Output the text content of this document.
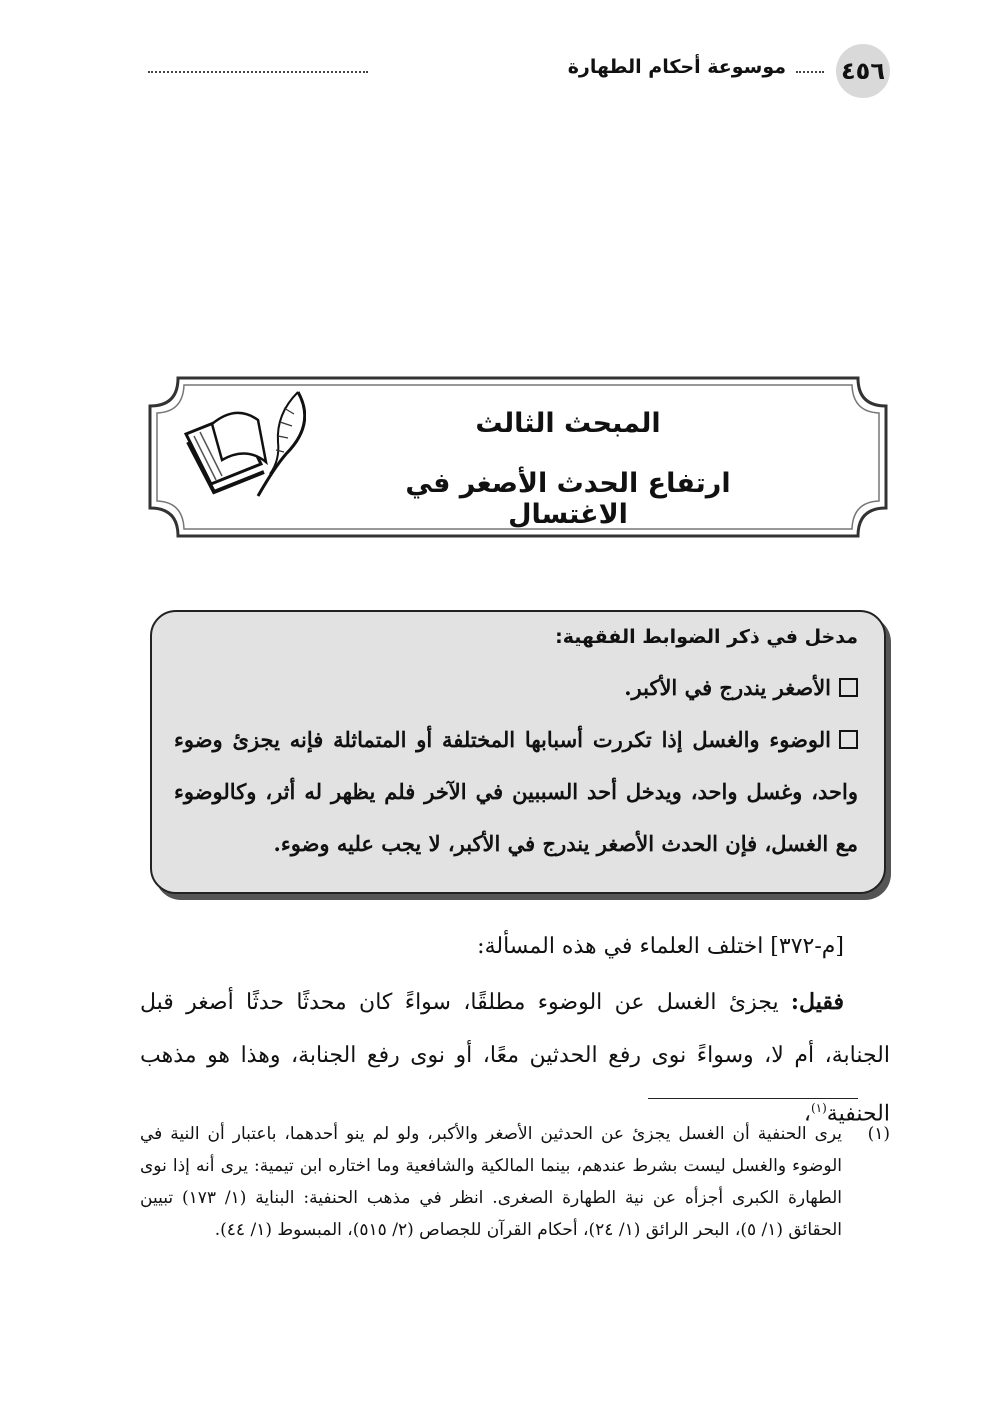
٤٥٦
موسوعة أحكام الطهارة
المبحث الثالث
ارتفاع الحدث الأصغر في الاغتسال

مدخل في ذكر الضوابط الفقهية:

الأصغر يندرج في الأكبر.

الوضوء والغسل إذا تكررت أسبابها المختلفة أو المتماثلة فإنه يجزئ وضوء واحد، وغسل واحد، ويدخل أحد السببين في الآخر فلم يظهر له أثر، وكالوضوء مع الغسل، فإن الحدث الأصغر يندرج في الأكبر، لا يجب عليه وضوء.

[م-٣٧٢] اختلف العلماء في هذه المسألة:
فقيل: يجزئ الغسل عن الوضوء مطلقًا، سواءً كان محدثًا حدثًا أصغر قبل الجنابة، أم لا، وسواءً نوى رفع الحدثين معًا، أو نوى رفع الجنابة، وهذا هو مذهب الحنفية$^{(١)}$،
(١)
يرى الحنفية أن الغسل يجزئ عن الحدثين الأصغر والأكبر، ولو لم ينو أحدهما، باعتبار أن النية في الوضوء والغسل ليست بشرط عندهم، بينما المالكية والشافعية وما اختاره ابن تيمية: يرى أنه إذا نوى الطهارة الكبرى أجزأه عن نية الطهارة الصغرى. انظر في مذهب الحنفية: البناية (١/ ١٧٣) تبيين الحقائق (١/ ٥)، البحر الرائق (١/ ٢٤)، أحكام القرآن للجصاص (٢/ ٥١٥)، المبسوط (١/ ٤٤).
